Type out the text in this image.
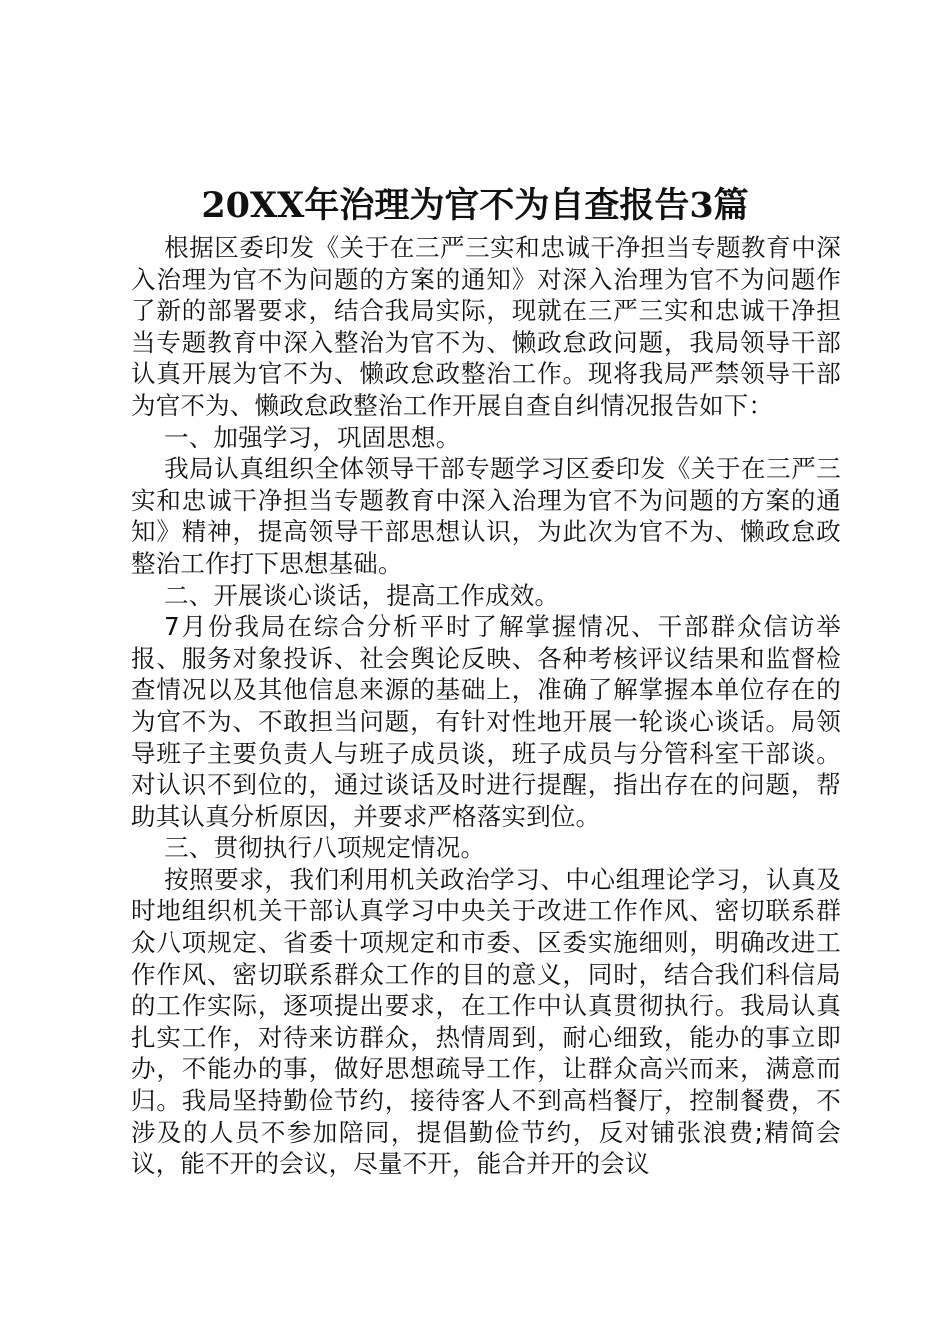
20XX年治理为官不为自查报告3篇

根据区委印发《关于在三严三实和忠诚干净担当专题教育中深入治理为官不为问题的方案的通知》对深入治理为官不为问题作了新的部署要求，结合我局实际，现就在三严三实和忠诚干净担当专题教育中深入整治为官不为、懒政怠政问题，我局领导干部认真开展为官不为、懒政怠政整治工作。现将我局严禁领导干部为官不为、懒政怠政整治工作开展自查自纠情况报告如下：

一、加强学习，巩固思想。

我局认真组织全体领导干部专题学习区委印发《关于在三严三实和忠诚干净担当专题教育中深入治理为官不为问题的方案的通知》精神，提高领导干部思想认识，为此次为官不为、懒政怠政整治工作打下思想基础。

二、开展谈心谈话，提高工作成效。

7月份我局在综合分析平时了解掌握情况、干部群众信访举报、服务对象投诉、社会舆论反映、各种考核评议结果和监督检查情况以及其他信息来源的基础上，准确了解掌握本单位存在的为官不为、不敢担当问题，有针对性地开展一轮谈心谈话。局领导班子主要负责人与班子成员谈，班子成员与分管科室干部谈。对认识不到位的，通过谈话及时进行提醒，指出存在的问题，帮助其认真分析原因，并要求严格落实到位。

三、贯彻执行八项规定情况。

按照要求，我们利用机关政治学习、中心组理论学习，认真及时地组织机关干部认真学习中央关于改进工作作风、密切联系群众八项规定、省委十项规定和市委、区委实施细则，明确改进工作作风、密切联系群众工作的目的意义，同时，结合我们科信局的工作实际，逐项提出要求，在工作中认真贯彻执行。我局认真扎实工作，对待来访群众，热情周到，耐心细致，能办的事立即办，不能办的事，做好思想疏导工作，让群众高兴而来，满意而归。我局坚持勤俭节约，接待客人不到高档餐厅，控制餐费，不涉及的人员不参加陪同，提倡勤俭节约，反对铺张浪费;精简会议，能不开的会议，尽量不开，能合并开的会议
